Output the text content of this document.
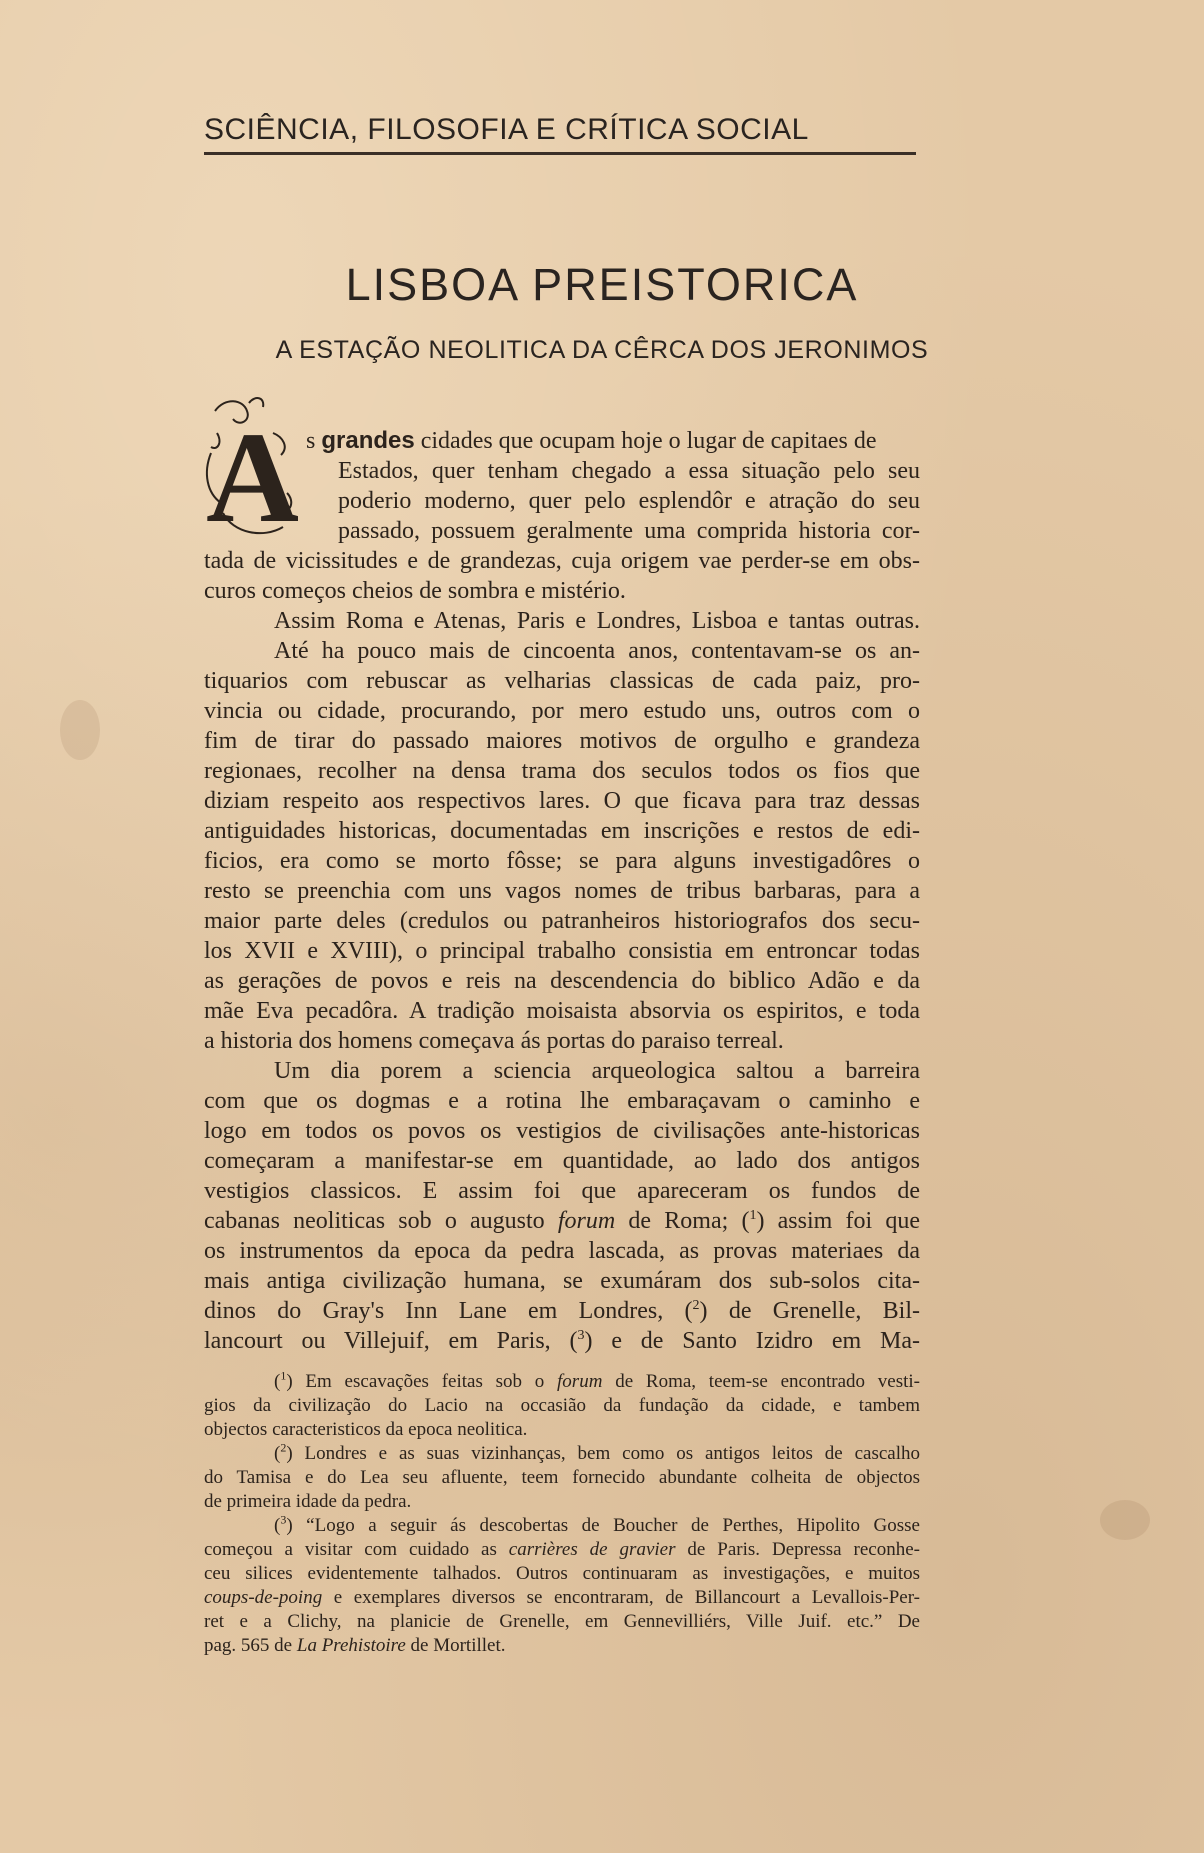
SCIÊNCIA, FILOSOFIA E CRÍTICA SOCIAL
LISBOA PREISTORICA
A ESTAÇÃO NEOLITICA DA CÊRCA DOS JERONIMOS
A s grandes cidades que ocupam hoje o lugar de capitaes de
Estados, quer tenham chegado a essa situação pelo seu
poderio moderno, quer pelo esplendôr e atração do seu
passado, possuem geralmente uma comprida historia cor-
tada de vicissitudes e de grandezas, cuja origem vae perder-se em obs-
curos começos cheios de sombra e mistério.
Assim Roma e Atenas, Paris e Londres, Lisboa e tantas outras.
Até ha pouco mais de cincoenta anos, contentavam-se os an-
tiquarios com rebuscar as velharias classicas de cada paiz, pro-
vincia ou cidade, procurando, por mero estudo uns, outros com o
fim de tirar do passado maiores motivos de orgulho e grandeza
regionaes, recolher na densa trama dos seculos todos os fios que
diziam respeito aos respectivos lares. O que ficava para traz dessas
antiguidades historicas, documentadas em inscrições e restos de edi-
ficios, era como se morto fôsse; se para alguns investigadôres o
resto se preenchia com uns vagos nomes de tribus barbaras, para a
maior parte deles (credulos ou patranheiros historiografos dos secu-
los XVII e XVIII), o principal trabalho consistia em entroncar todas
as gerações de povos e reis na descendencia do biblico Adão e da
mãe Eva pecadôra. A tradição moisaista absorvia os espiritos, e toda
a historia dos homens começava ás portas do paraiso terreal.
Um dia porem a sciencia arqueologica saltou a barreira
com que os dogmas e a rotina lhe embaraçavam o caminho e
logo em todos os povos os vestigios de civilisações ante-historicas
começaram a manifestar-se em quantidade, ao lado dos antigos
vestigios classicos. E assim foi que apareceram os fundos de
cabanas neoliticas sob o augusto forum de Roma; ($^1$) assim foi que
os instrumentos da epoca da pedra lascada, as provas materiaes da
mais antiga civilização humana, se exumáram dos sub-solos cita-
dinos do Gray's Inn Lane em Londres, ($^2$) de Grenelle, Bil-
lancourt ou Villejuif, em Paris, ($^3$) e de Santo Izidro em Ma-
($^1$) Em escavações feitas sob o forum de Roma, teem-se encontrado vesti-
gios da civilização do Lacio na occasião da fundação da cidade, e tambem
objectos caracteristicos da epoca neolitica.
($^2$) Londres e as suas vizinhanças, bem como os antigos leitos de cascalho
do Tamisa e do Lea seu afluente, teem fornecido abundante colheita de objectos
de primeira idade da pedra.
($^3$) “Logo a seguir ás descobertas de Boucher de Perthes, Hipolito Gosse
começou a visitar com cuidado as carrières de gravier de Paris. Depressa reconhe-
ceu silices evidentemente talhados. Outros continuaram as investigações, e muitos
coups-de-poing e exemplares diversos se encontraram, de Billancourt a Levallois-Per-
ret e a Clichy, na planicie de Grenelle, em Gennevilliérs, Ville Juif. etc.” De
pag. 565 de La Prehistoire de Mortillet.
